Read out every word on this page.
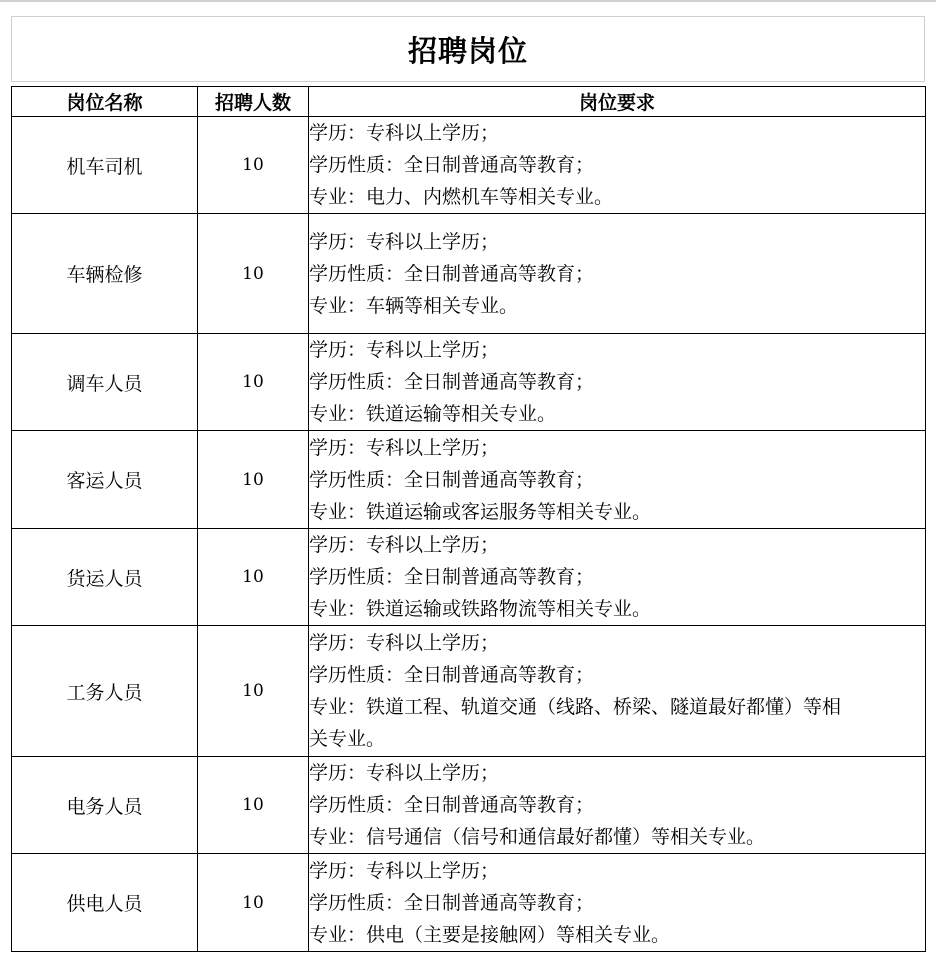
招聘岗位
岗位名称	招聘人数	岗位要求
机车司机	10	学历：专科以上学历；
学历性质：全日制普通高等教育；
专业：电力、内燃机车等相关专业。

车辆检修	10	学历：专科以上学历；
学历性质：全日制普通高等教育；
专业：车辆等相关专业。

调车人员	10	学历：专科以上学历；
学历性质：全日制普通高等教育；
专业：铁道运输等相关专业。

客运人员	10	学历：专科以上学历；
学历性质：全日制普通高等教育；
专业：铁道运输或客运服务等相关专业。

货运人员	10	学历：专科以上学历；
学历性质：全日制普通高等教育；
专业：铁道运输或铁路物流等相关专业。

工务人员	10	学历：专科以上学历；
学历性质：全日制普通高等教育；
专业：铁道工程、轨道交通（线路、桥梁、隧道最好都懂）等相
关专业。

电务人员	10	学历：专科以上学历；
学历性质：全日制普通高等教育；
专业：信号通信（信号和通信最好都懂）等相关专业。

供电人员	10	学历：专科以上学历；
学历性质：全日制普通高等教育；
专业：供电（主要是接触网）等相关专业。
